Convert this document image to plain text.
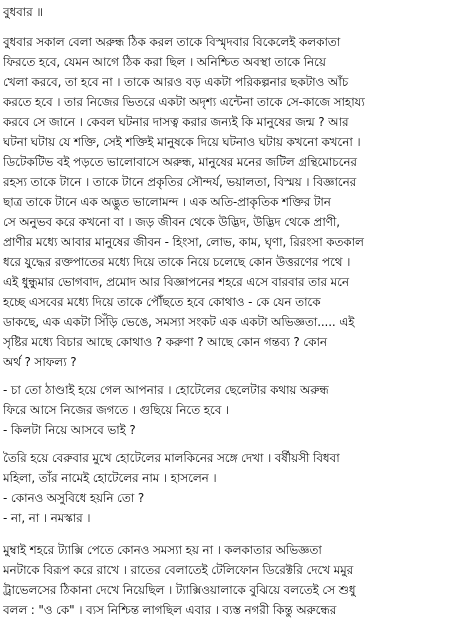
বুধবার ॥
বুধবার সকাল বেলা অরুন্ধ ঠিক করল তাকে বিস্মৃদবার বিকেলেই কলকাতা
ফিরতে হবে, যেমন আগে ঠিক করা ছিল । অনিশ্চিত অবস্থা তাকে নিয়ে
খেলা করবে, তা হবে না । তাকে আরও বড় একটা পরিকল্পনার ছকটাও আঁচ
করতে হবে । তার নিজের ভিতরে একটা অদৃশ্য এন্টেনা তাকে সে-কাজে সাহায্য
করবে সে জানে । কেবল ঘটনার দাসত্ব করার জন্যই কি মানুষের জন্ম ? আর
ঘটনা ঘটায় যে শক্তি, সেই শক্তিই মানুষকে দিয়ে ঘটনাও ঘটায় কখনো কখনো ।
ডিটেকটিভ বই পড়তে ভালোবাসে অরুন্ধ, মানুষের মনের জটিল গ্রন্থিমোচনের
রহস্য তাকে টানে । তাকে টানে প্রকৃতির সৌন্দর্য, ভয়ালতা, বিস্ময় । বিজ্ঞানের
ছাত্র তাকে টানে এক অদ্ভুত ভালোমন্দ । এক অতি-প্রাকৃতিক শক্তির টান
সে অনুভব করে কখনো বা । জড় জীবন থেকে উদ্ভিদ, উদ্ভিদ থেকে প্রাণী,
প্রাণীর মধ্যে আবার মানুষের জীবন - হিংসা, লোভ, কাম, ঘৃণা, রিরংসা কতকাল
ধরে যুদ্ধের রক্তপাতের মধ্যে দিয়ে তাকে নিয়ে চলেছে কোন উত্তরণের পথে ।
এই ধুন্ধুমার ভোগবাদ, প্রমোদ আর বিজ্ঞাপনের শহরে এসে বারবার তার মনে
হচ্ছে এসবের মধ্যে দিয়ে তাকে পৌঁছতে হবে কোথাও - কে যেন তাকে
ডাকছে, এক একটা সিঁড়ি ভেঙে, সমস্যা সংকট এক একটা অভিজ্ঞতা..... এই
সৃষ্টির মধ্যে বিচার আছে কোথাও ? করুণা ? আছে কোন গন্তব্য ? কোন
অর্থ ? সাফল্য ?
- চা তো ঠাণ্ডাই হয়ে গেল আপনার । হোটেলের ছেলেটার কথায় অরুন্ধ
ফিরে আসে নিজের জগতে । গুছিয়ে নিতে হবে ।
- কিলটা নিয়ে আসবে ভাই ?
তৈরি হয়ে বেরুবার মুখে হোটেলের মালকিনের সঙ্গে দেখা । বর্ষীয়সী বিধবা
মহিলা, তাঁর নামেই হোটেলের নাম । হাসলেন ।
- কোনও অসুবিধে হয়নি তো ?
- না, না । নমস্কার ।
মুম্বাই শহরে ট্যাক্সি পেতে কোনও সমস্যা হয় না । কলকাতার অভিজ্ঞতা
মনটাকে বিরূপ করে রাখে । রাতের বেলাতেই টেলিফোন ডিরেক্টরি দেখে মমুর
ট্রাভেলসের ঠিকানা দেখে নিয়েছিল । ট্যাক্সিওয়ালাকে বুঝিয়ে বলতেই সে শুধু
বলল : "ও কে" । ব্যস নিশ্চিন্ত লাগছিল এবার । ব্যস্ত নগরী কিন্তু অরুন্ধের
